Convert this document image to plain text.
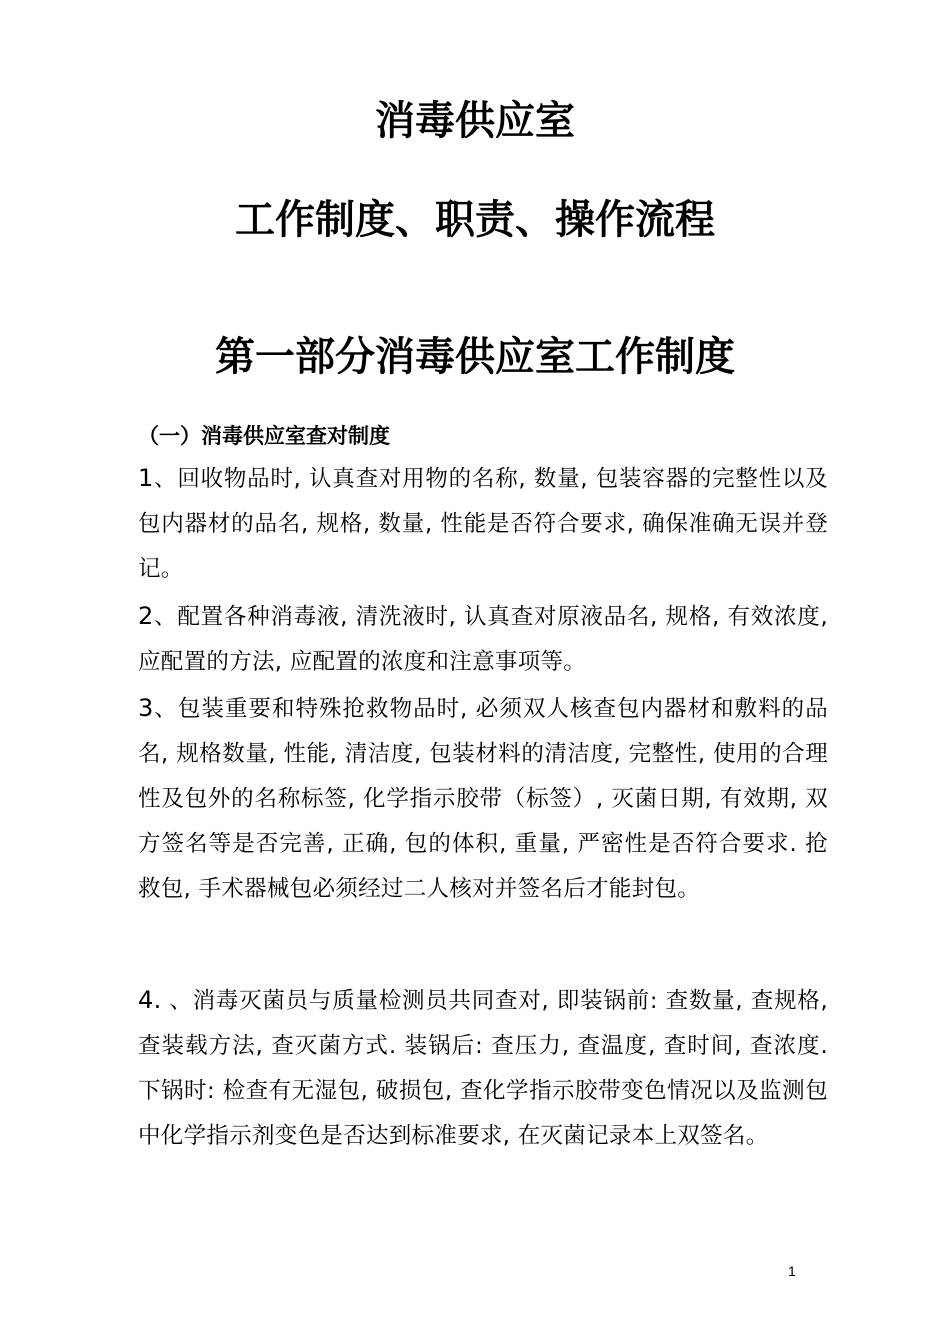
消毒供应室
工作制度、职责、操作流程
第一部分消毒供应室工作制度
（一）消毒供应室查对制度

1、回收物品时, 认真查对用物的名称, 数量, 包装容器的完整性以及包内器材的品名, 规格, 数量, 性能是否符合要求, 确保准确无误并登记。

2、配置各种消毒液, 清洗液时, 认真查对原液品名, 规格, 有效浓度, 应配置的方法, 应配置的浓度和注意事项等。

3、包装重要和特殊抢救物品时, 必须双人核查包内器材和敷料的品名, 规格数量, 性能, 清洁度, 包装材料的清洁度, 完整性, 使用的合理性及包外的名称标签, 化学指示胶带（标签）, 灭菌日期, 有效期, 双方签名等是否完善, 正确, 包的体积, 重量, 严密性是否符合要求. 抢救包, 手术器械包必须经过二人核对并签名后才能封包。

4. 、消毒灭菌员与质量检测员共同查对, 即装锅前: 查数量, 查规格, 查装载方法, 查灭菌方式. 装锅后: 查压力, 查温度, 查时间, 查浓度. 下锅时: 检查有无湿包, 破损包, 查化学指示胶带变色情况以及监测包中化学指示剂变色是否达到标准要求, 在灭菌记录本上双签名。

1
